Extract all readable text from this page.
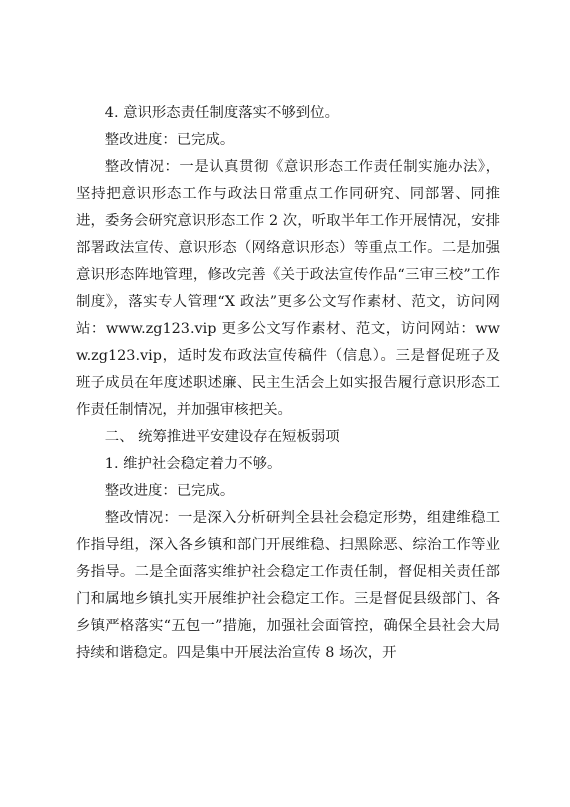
4. 意识形态责任制度落实不够到位。

整改进度：已完成。

整改情况：一是认真贯彻《意识形态工作责任制实施办法》，坚持把意识形态工作与政法日常重点工作同研究、同部署、同推进，委务会研究意识形态工作 2 次，听取半年工作开展情况，安排部署政法宣传、意识形态（网络意识形态）等重点工作。二是加强意识形态阵地管理，修改完善《关于政法宣传作品“三审三校”工作制度》，落实专人管理“X 政法”更多公文写作素材、范文，访问网站：www.zg123.vip 更多公文写作素材、范文，访问网站：www.zg123.vip，适时发布政法宣传稿件（信息）。三是督促班子及班子成员在年度述职述廉、民主生活会上如实报告履行意识形态工作责任制情况，并加强审核把关。

二、 统筹推进平安建设存在短板弱项

1. 维护社会稳定着力不够。

整改进度：已完成。

整改情况：一是深入分析研判全县社会稳定形势，组建维稳工作指导组，深入各乡镇和部门开展维稳、扫黑除恶、综治工作等业务指导。二是全面落实维护社会稳定工作责任制，督促相关责任部门和属地乡镇扎实开展维护社会稳定工作。三是督促县级部门、各乡镇严格落实“五包一”措施，加强社会面管控，确保全县社会大局持续和谐稳定。四是集中开展法治宣传 8 场次，开
